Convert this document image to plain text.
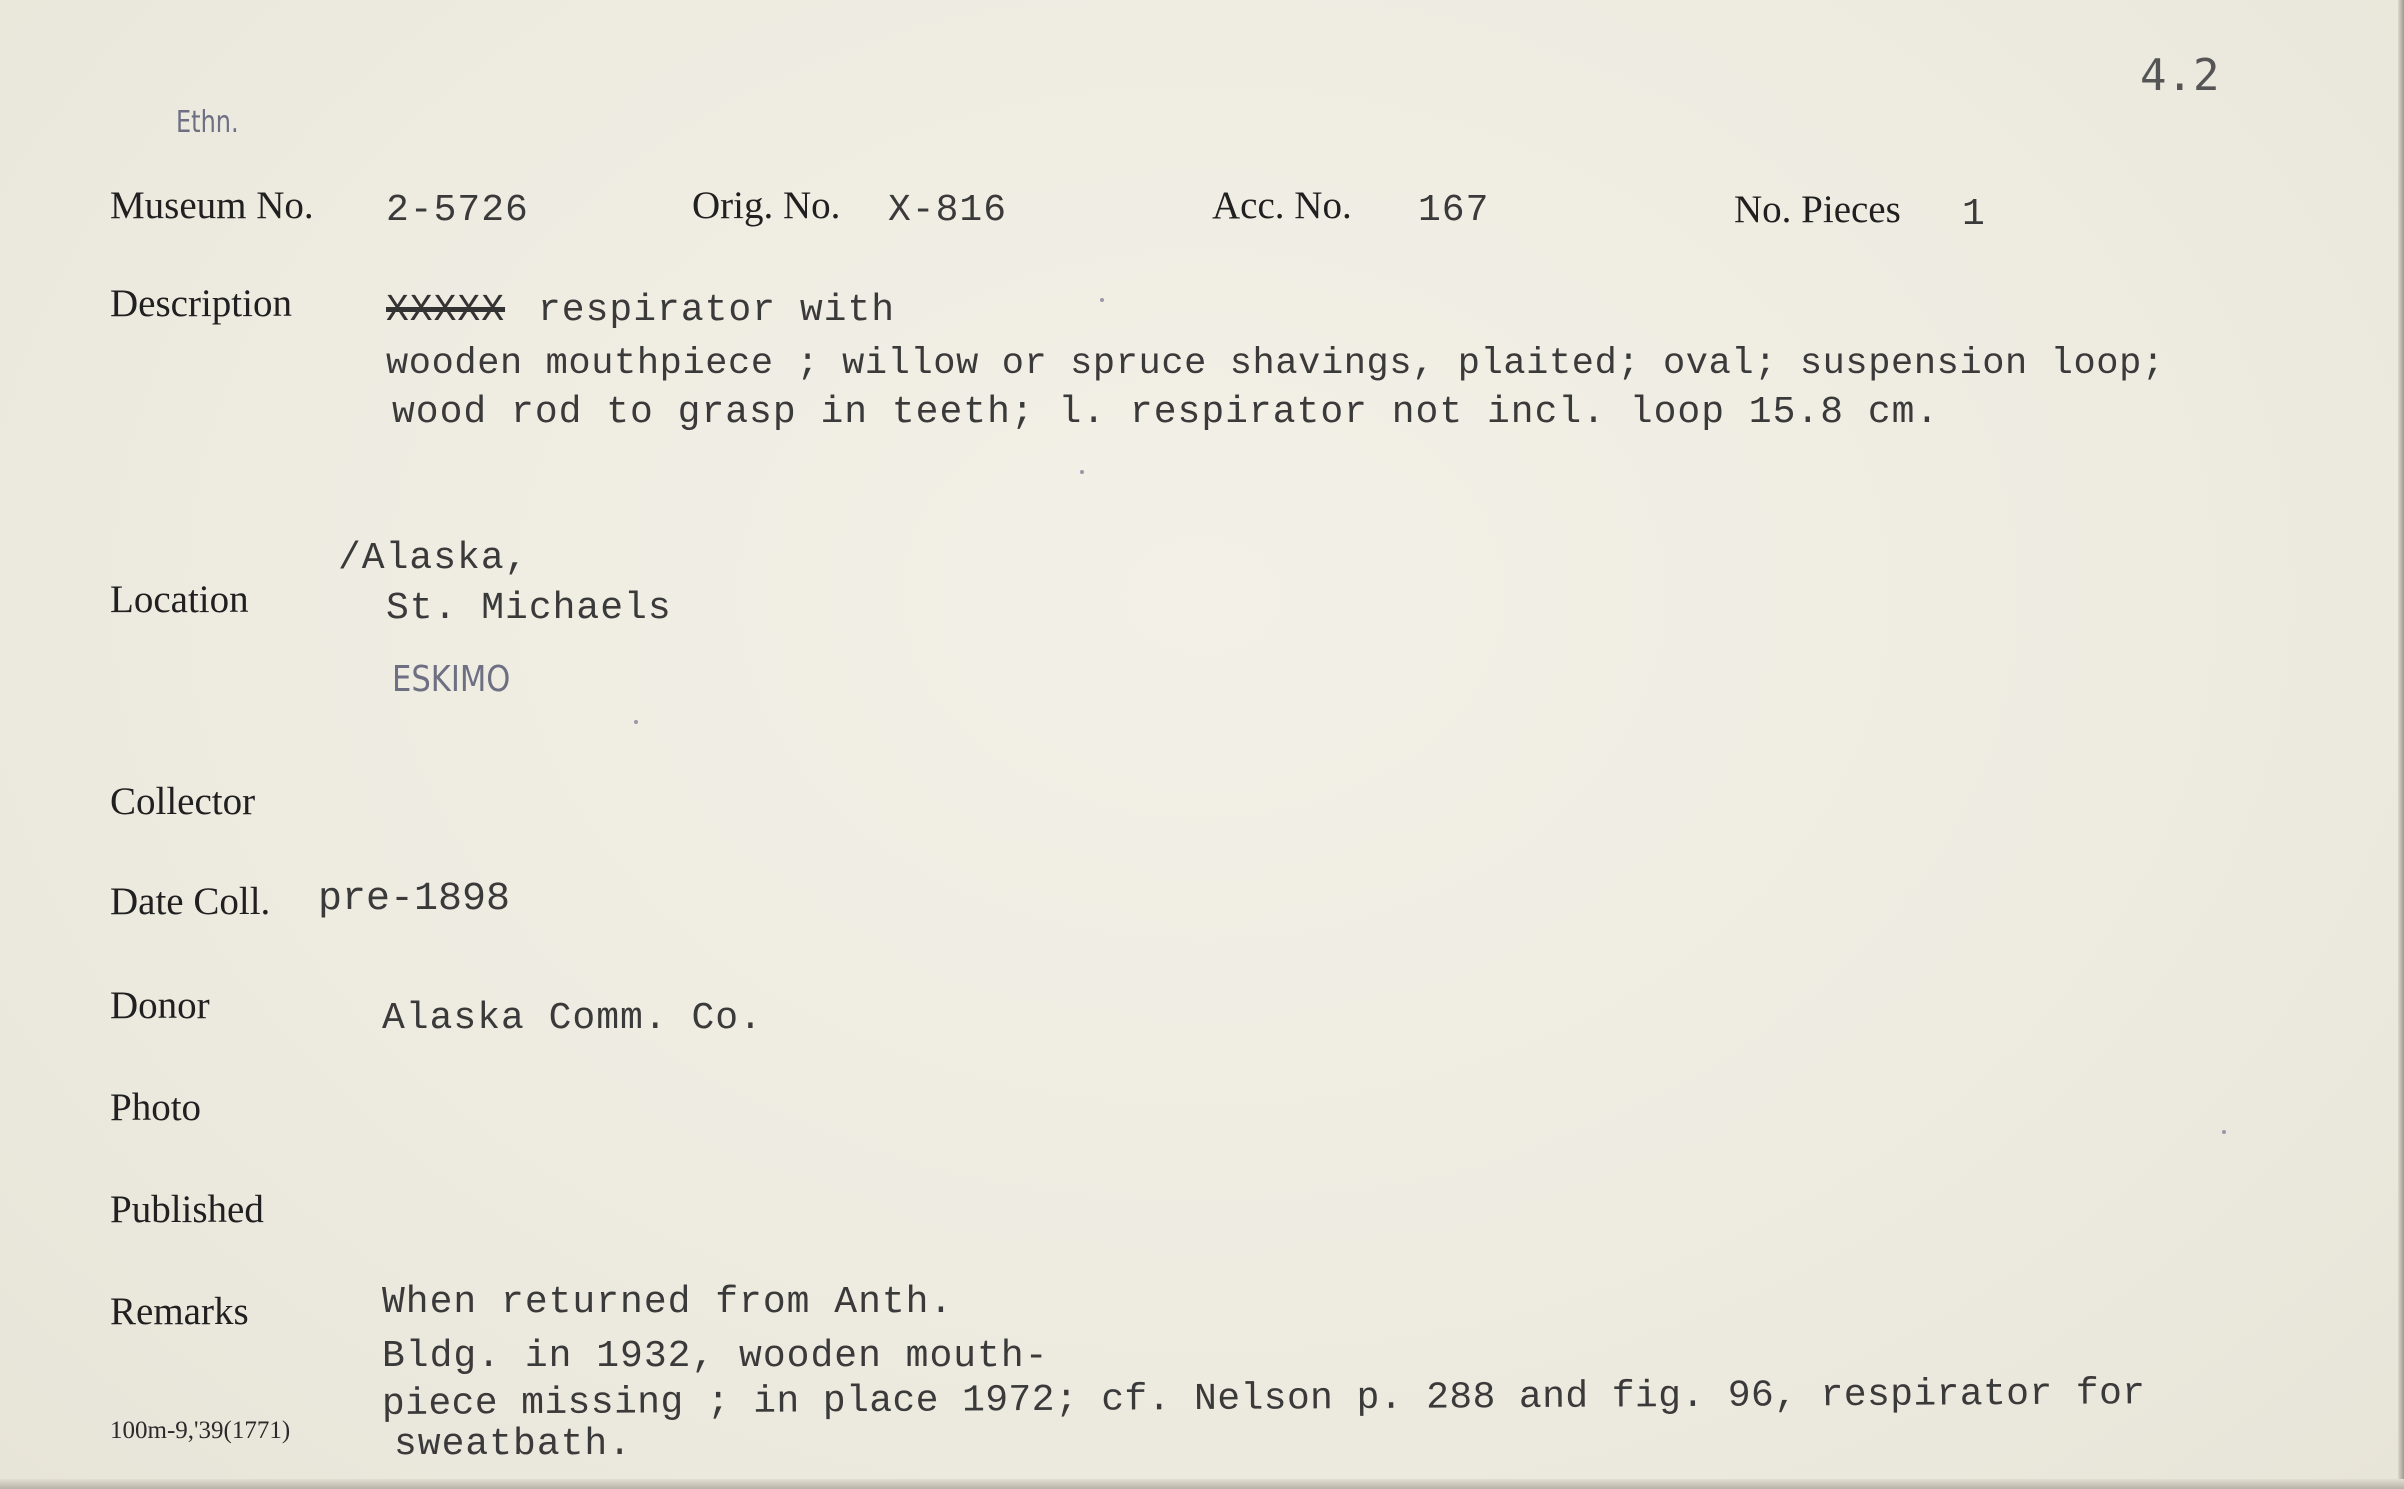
4.2
Ethn.
Museum No. 2-5726	Orig. No. X-816	Acc. No. 167	No. Pieces 1
Description XXXXX respirator with
wooden mouthpiece ; willow or spruce shavings, plaited; oval; suspension loop;
wood rod to grasp in teeth; l. respirator not incl. loop 15.8 cm.
/Alaska,
Location	St. Michaels
ESKIMO
Collector
Date Coll. pre-1898
Donor	Alaska Comm. Co.
Photo
Published
Remarks	When returned from Anth.
Bldg. in 1932, wooden mouth-
piece missing ; in place 1972; cf. Nelson p. 288 and fig. 96, respirator for
sweatbath.
100m-9,'39(1771)
